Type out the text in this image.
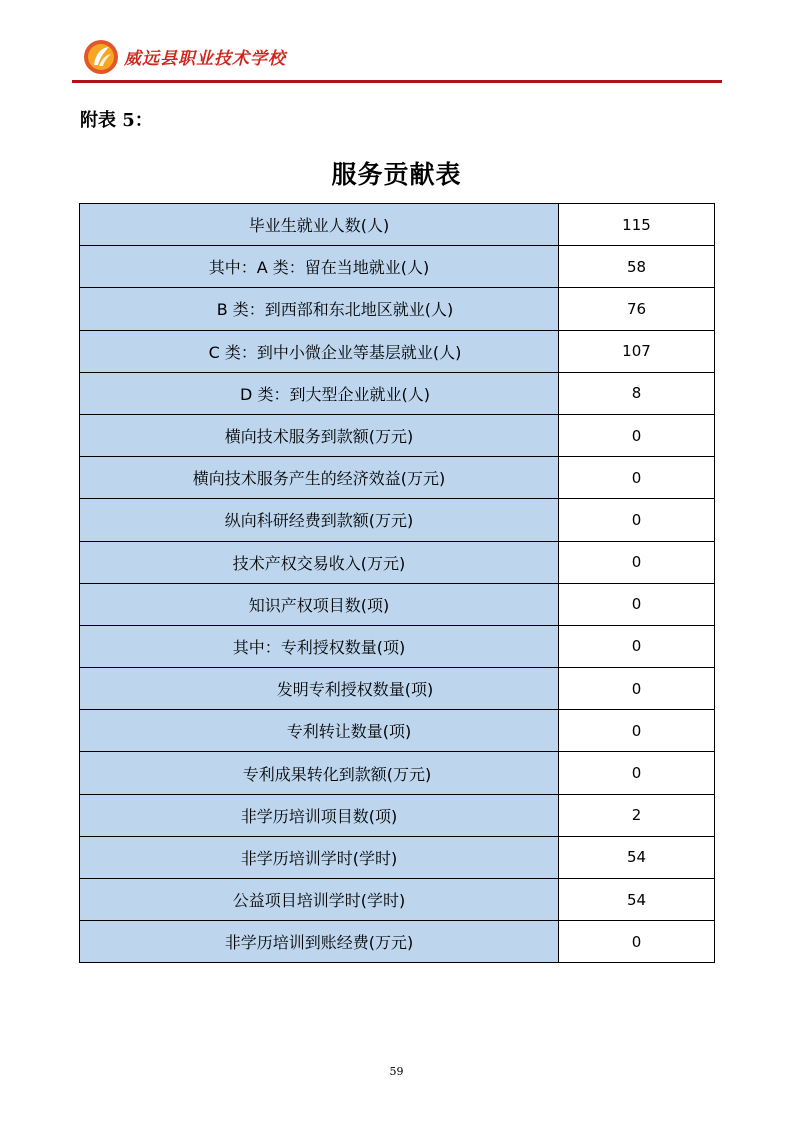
威远县职业技术学校
附表 5：
服务贡献表
毕业生就业人数(人)	115
其中：A 类：留在当地就业(人)	58
B 类：到西部和东北地区就业(人)	76
C 类：到中小微企业等基层就业(人)	107
D 类：到大型企业就业(人)	8
横向技术服务到款额(万元)	0
横向技术服务产生的经济效益(万元)	0
纵向科研经费到款额(万元)	0
技术产权交易收入(万元)	0
知识产权项目数(项)	0
其中：专利授权数量(项)	0
发明专利授权数量(项)	0
专利转让数量(项)	0
专利成果转化到款额(万元)	0
非学历培训项目数(项)	2
非学历培训学时(学时)	54
公益项目培训学时(学时)	54
非学历培训到账经费(万元)	0
59
